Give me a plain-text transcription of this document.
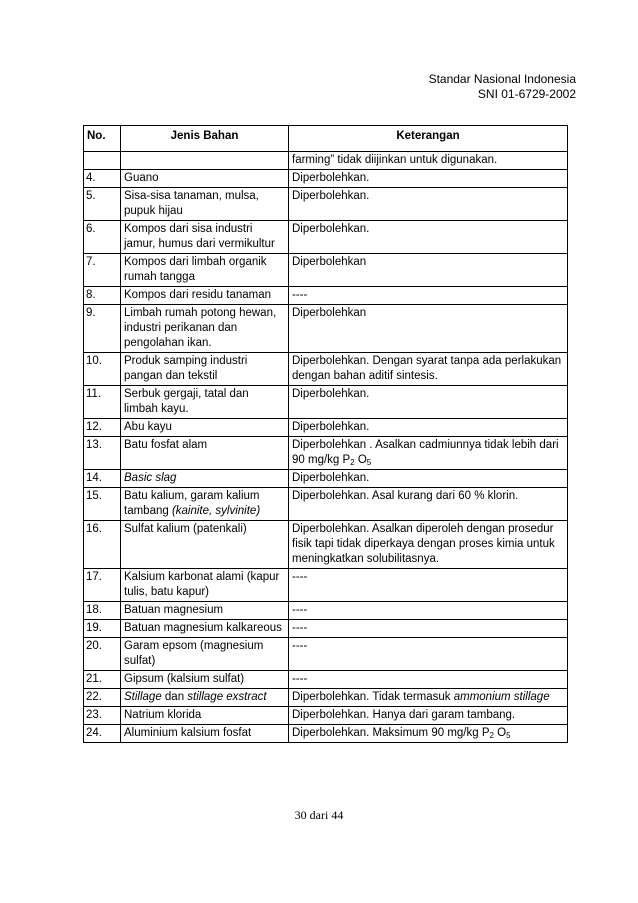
Standar Nasional Indonesia
SNI 01-6729-2002
No.	Jenis Bahan	Keterangan
		farming” tidak diijinkan untuk digunakan.
4.	Guano	Diperbolehkan.
5.	Sisa-sisa tanaman, mulsa, pupuk hijau	Diperbolehkan.
6.	Kompos dari sisa industri jamur, humus dari vermikultur	Diperbolehkan.
7.	Kompos dari limbah organik rumah tangga	Diperbolehkan
8.	Kompos dari residu tanaman	----
9.	Limbah rumah potong hewan, industri perikanan dan pengolahan ikan.	Diperbolehkan
10.	Produk samping industri pangan dan tekstil	Diperbolehkan. Dengan syarat tanpa ada perlakukan dengan bahan aditif sintesis.
11.	Serbuk gergaji, tatal dan limbah kayu.	Diperbolehkan.
12.	Abu kayu	Diperbolehkan.
13.	Batu fosfat alam	Diperbolehkan . Asalkan cadmiunnya tidak lebih dari 90 mg/kg $P_2$ $O_5$
14.	Basic slag	Diperbolehkan.
15.	Batu kalium, garam kalium tambang (kainite, sylvinite)	Diperbolehkan. Asal kurang dari 60 % klorin.
16.	Sulfat kalium (patenkali)	Diperbolehkan. Asalkan diperoleh dengan prosedur fisik tapi tidak diperkaya dengan proses kimia untuk meningkatkan solubilitasnya.
17.	Kalsium karbonat alami (kapur tulis, batu kapur)	----
18.	Batuan magnesium	----
19.	Batuan magnesium kalkareous	----
20.	Garam epsom (magnesium sulfat)	----
21.	Gipsum (kalsium sulfat)	----
22.	Stillage dan stillage exstract	Diperbolehkan. Tidak termasuk ammonium stillage
23.	Natrium klorida	Diperbolehkan. Hanya dari garam tambang.
24.	Aluminium kalsium fosfat	Diperbolehkan. Maksimum 90 mg/kg $P_2$ $O_5$
30 dari 44
